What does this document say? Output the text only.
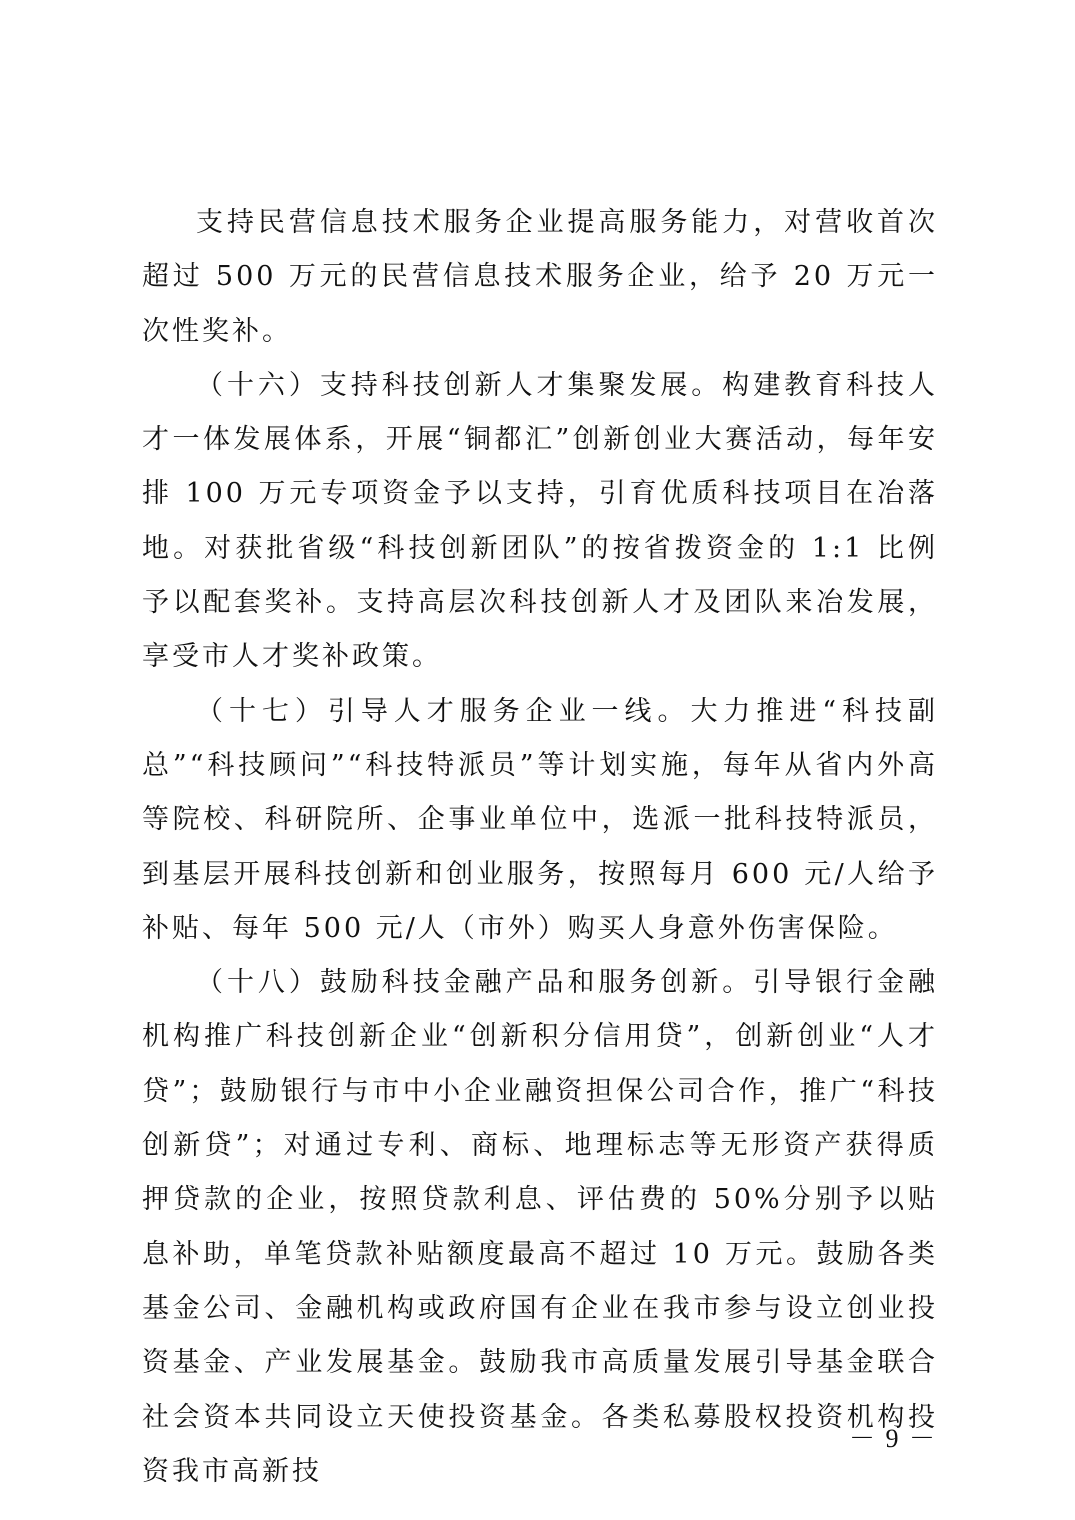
支持民营信息技术服务企业提高服务能力，对营收首次超过 500 万元的民营信息技术服务企业，给予 20 万元一次性奖补。

（十六）支持科技创新人才集聚发展。构建教育科技人才一体发展体系，开展“铜都汇”创新创业大赛活动，每年安排 100 万元专项资金予以支持，引育优质科技项目在冶落地。对获批省级“科技创新团队”的按省拨资金的 1:1 比例予以配套奖补。支持高层次科技创新人才及团队来冶发展，享受市人才奖补政策。

（十七）引导人才服务企业一线。大力推进“科技副总”“科技顾问”“科技特派员”等计划实施，每年从省内外高等院校、科研院所、企事业单位中，选派一批科技特派员，到基层开展科技创新和创业服务，按照每月 600 元/人给予补贴、每年 500 元/人（市外）购买人身意外伤害保险。

（十八）鼓励科技金融产品和服务创新。引导银行金融机构推广科技创新企业“创新积分信用贷”，创新创业“人才贷”；鼓励银行与市中小企业融资担保公司合作，推广“科技创新贷”；对通过专利、商标、地理标志等无形资产获得质押贷款的企业，按照贷款利息、评估费的 50%分别予以贴息补助，单笔贷款补贴额度最高不超过 10 万元。鼓励各类基金公司、金融机构或政府国有企业在我市参与设立创业投资基金、产业发展基金。鼓励我市高质量发展引导基金联合社会资本共同设立天使投资基金。各类私募股权投资机构投资我市高新技

－ 9 －
